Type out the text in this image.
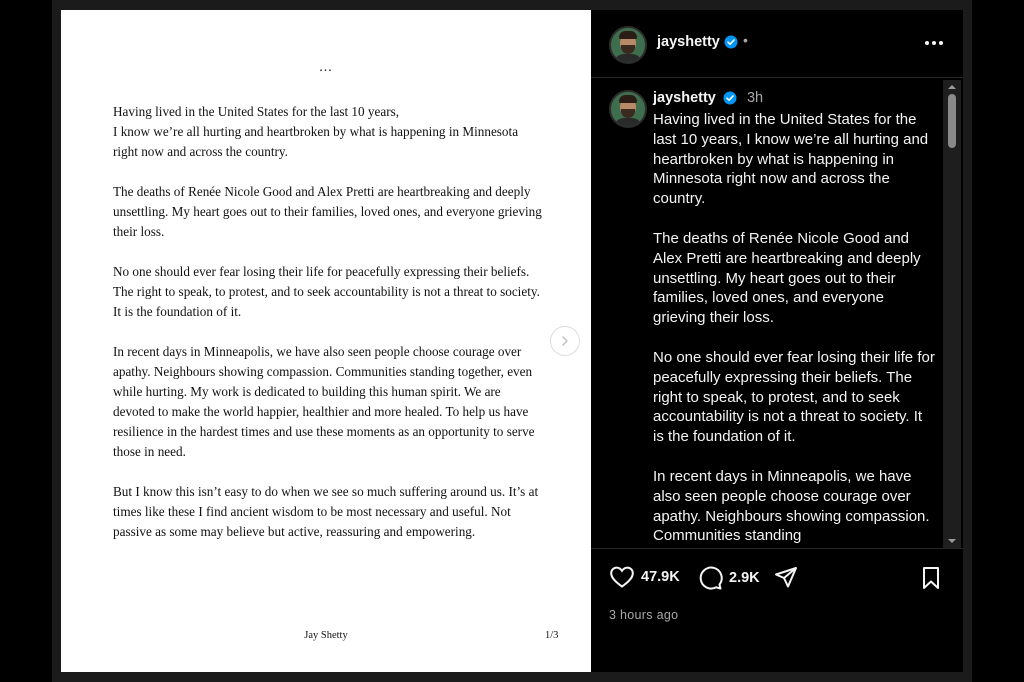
...

Having lived in the United States for the last 10 years,
I know we’re all hurting and heartbroken by what is happening in Minnesota right now and across the country.

The deaths of Renée Nicole Good and Alex Pretti are heartbreaking and deeply unsettling. My heart goes out to their families, loved ones, and everyone grieving their loss.

No one should ever fear losing their life for peacefully expressing their beliefs. The right to speak, to protest, and to seek accountability is not a threat to society. It is the foundation of it.

In recent days in Minneapolis, we have also seen people choose courage over apathy. Neighbours showing compassion. Communities standing together, even while hurting. My work is dedicated to building this human spirit. We are devoted to make the world happier, healthier and more healed. To help us have resilience in the hardest times and use these moments as an opportunity to serve those in need.

But I know this isn’t easy to do when we see so much suffering around us. It’s at times like these I find ancient wisdom to be most necessary and useful. Not passive as some may believe but active, reassuring and empowering.

Jay Shetty	1/3
jayshetty •
jayshetty 3h

Having lived in the United States for the last 10 years, I know we’re all hurting and heartbroken by what is happening in Minnesota right now and across the country.

The deaths of Renée Nicole Good and Alex Pretti are heartbreaking and deeply unsettling. My heart goes out to their families, loved ones, and everyone grieving their loss.

No one should ever fear losing their life for peacefully expressing their beliefs. The right to speak, to protest, and to seek accountability is not a threat to society. It is the foundation of it.

In recent days in Minneapolis, we have also seen people choose courage over apathy. Neighbours showing compassion. Communities standing

47.9K	2.9K
3 hours ago
